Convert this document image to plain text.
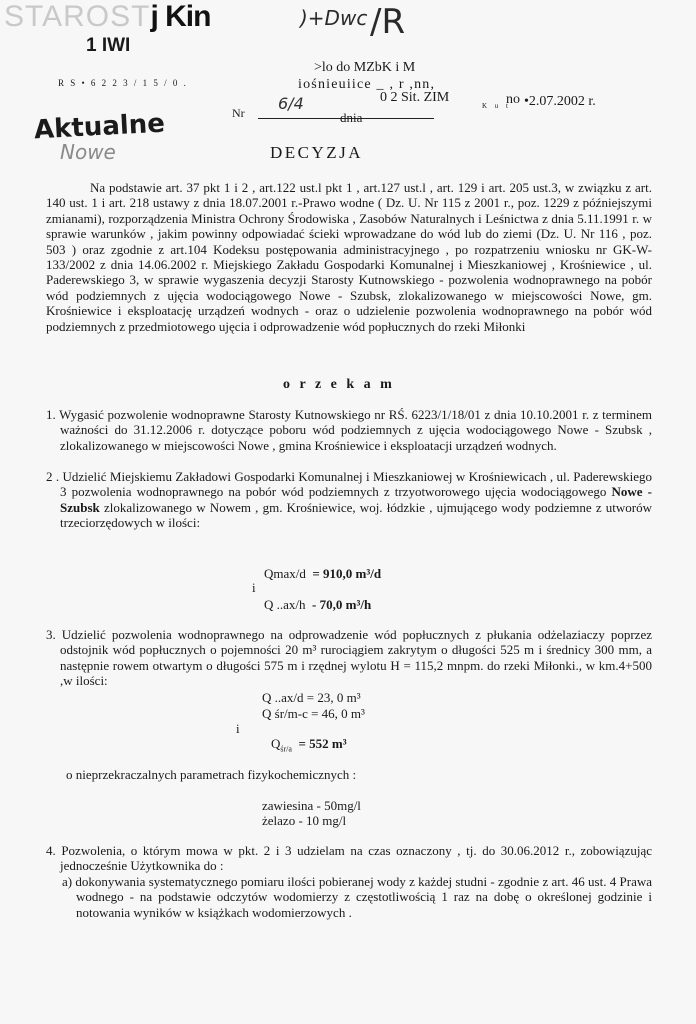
STAROSTj Kin
1 IWI
R S • 6 2 2 3 / 1 5 / 0 .
)+Dwc /R
Aktualne
Nowe
>lo do MZbK i M
iośnieuiice _ , r ,nn,
Nr 6/4	0 2 Sit. ZIM
dnia
K u t
no •2.07.2002 r.
DECYZJA
Na podstawie art. 37 pkt 1 i 2 , art.122 ust.l pkt 1 , art.127 ust.l , art. 129 i art. 205 ust.3, w związku z art. 140 ust. 1 i art. 218 ustawy z dnia 18.07.2001 r.-Prawo wodne ( Dz. U. Nr 115 z 2001 r., poz. 1229 z późniejszymi zmianami), rozporządzenia Ministra Ochrony Środowiska , Zasobów Naturalnych i Leśnictwa z dnia 5.11.1991 r. w sprawie warunków , jakim powinny odpowiadać ścieki wprowadzane do wód lub do ziemi (Dz. U. Nr 116 , poz. 503 ) oraz zgodnie z art.104 Kodeksu postępowania administracyjnego , po rozpatrzeniu wniosku nr GK-W-133/2002 z dnia 14.06.2002 r. Miejskiego Zakładu Gospodarki Komunalnej i Mieszkaniowej , Krośniewice , ul. Paderewskiego 3, w sprawie wygaszenia decyzji Starosty Kutnowskiego - pozwolenia wodnoprawnego na pobór wód podziemnych z ujęcia wodociągowego Nowe - Szubsk, zlokalizowanego w miejscowości Nowe, gm. Krośniewice i eksploatację urządzeń wodnych - oraz o udzielenie pozwolenia wodnoprawnego na pobór wód podziemnych z przedmiotowego ujęcia i odprowadzenie wód popłucznych do rzeki Miłonki
o r z e k a m
1. Wygasić pozwolenie wodnoprawne Starosty Kutnowskiego nr RŚ. 6223/1/18/01 z dnia 10.10.2001 r. z terminem ważności do 31.12.2006 r. dotyczące poboru wód podziemnych z ujęcia wodociągowego Nowe - Szubsk , zlokalizowanego w miejscowości Nowe , gmina Krośniewice i eksploatacji urządzeń wodnych.
2 . Udzielić Miejskiemu Zakładowi Gospodarki Komunalnej i Mieszkaniowej w Krośniewicach , ul. Paderewskiego 3 pozwolenia wodnoprawnego na pobór wód podziemnych z trzyotworowego ujęcia wodociągowego Nowe - Szubsk zlokalizowanego w Nowem , gm. Krośniewice, woj. łódzkie , ujmującego wody podziemne z utworów trzeciorzędowych w ilości:
Qmax/d = 910,0 m³/d
i
Q ..ax/h - 70,0 m³/h
3. Udzielić pozwolenia wodnoprawnego na odprowadzenie wód popłucznych z płukania odżelaziaczy poprzez odstojnik wód popłucznych o pojemności 20 m³ rurociągiem zakrytym o długości 525 m i średnicy 300 mm, a następnie rowem otwartym o długości 575 m i rzędnej wylotu H = 115,2 mnpm. do rzeki Miłonki., w km.4+500 ,w ilości:
Q ..ax/d = 23, 0 m³
Q śr/m-c = 46, 0 m³
i
$Q_{śr/a} = 552$ m³
o nieprzekraczalnych parametrach fizykochemicznych :
zawiesina - 50mg/l
żelazo - 10 mg/l
4. Pozwolenia, o którym mowa w pkt. 2 i 3 udzielam na czas oznaczony , tj. do 30.06.2012 r., zobowiązując jednocześnie Użytkownika do :
a) dokonywania systematycznego pomiaru ilości pobieranej wody z każdej studni - zgodnie z art. 46 ust. 4 Prawa wodnego - na podstawie odczytów wodomierzy z częstotliwością 1 raz na dobę o określonej godzinie i notowania wyników w książkach wodomierzowych .
